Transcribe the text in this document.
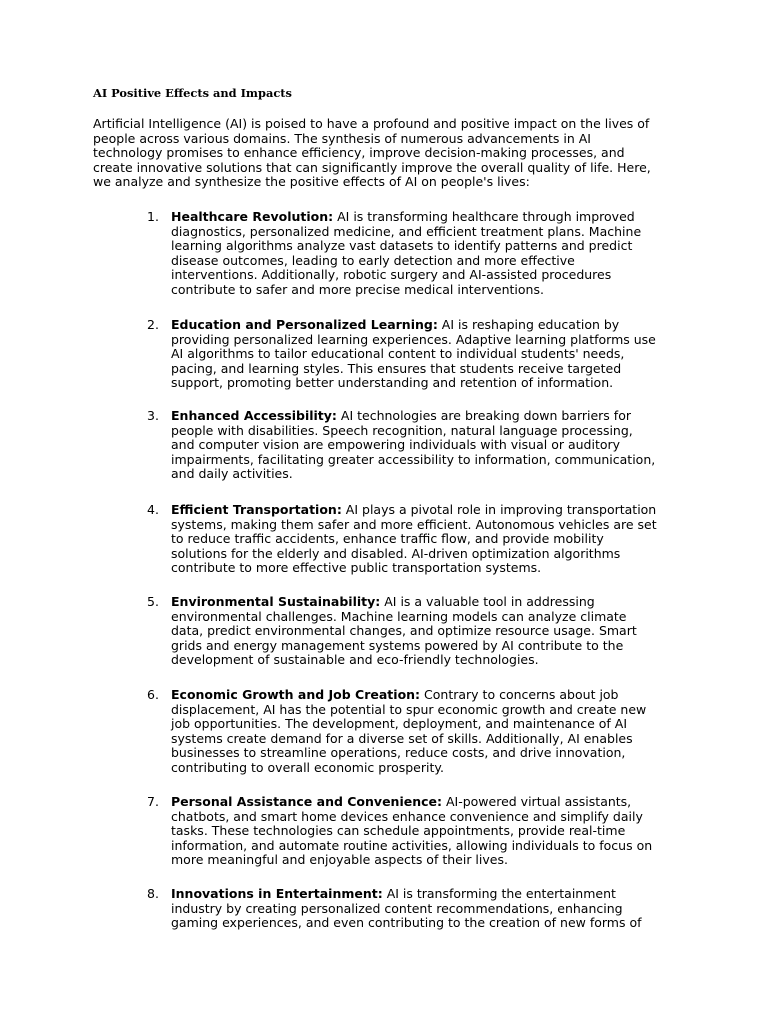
AI Positive Effects and Impacts

Artificial Intelligence (AI) is poised to have a profound and positive impact on the lives of
people across various domains. The synthesis of numerous advancements in AI
technology promises to enhance efficiency, improve decision-making processes, and
create innovative solutions that can significantly improve the overall quality of life. Here,
we analyze and synthesize the positive effects of AI on people's lives:

1. Healthcare Revolution: AI is transforming healthcare through improved
diagnostics, personalized medicine, and efficient treatment plans. Machine
learning algorithms analyze vast datasets to identify patterns and predict
disease outcomes, leading to early detection and more effective
interventions. Additionally, robotic surgery and AI-assisted procedures
contribute to safer and more precise medical interventions.
2. Education and Personalized Learning: AI is reshaping education by
providing personalized learning experiences. Adaptive learning platforms use
AI algorithms to tailor educational content to individual students' needs,
pacing, and learning styles. This ensures that students receive targeted
support, promoting better understanding and retention of information.
3. Enhanced Accessibility: AI technologies are breaking down barriers for
people with disabilities. Speech recognition, natural language processing,
and computer vision are empowering individuals with visual or auditory
impairments, facilitating greater accessibility to information, communication,
and daily activities.
4. Efficient Transportation: AI plays a pivotal role in improving transportation
systems, making them safer and more efficient. Autonomous vehicles are set
to reduce traffic accidents, enhance traffic flow, and provide mobility
solutions for the elderly and disabled. AI-driven optimization algorithms
contribute to more effective public transportation systems.
5. Environmental Sustainability: AI is a valuable tool in addressing
environmental challenges. Machine learning models can analyze climate
data, predict environmental changes, and optimize resource usage. Smart
grids and energy management systems powered by AI contribute to the
development of sustainable and eco-friendly technologies.
6. Economic Growth and Job Creation: Contrary to concerns about job
displacement, AI has the potential to spur economic growth and create new
job opportunities. The development, deployment, and maintenance of AI
systems create demand for a diverse set of skills. Additionally, AI enables
businesses to streamline operations, reduce costs, and drive innovation,
contributing to overall economic prosperity.
7. Personal Assistance and Convenience: AI-powered virtual assistants,
chatbots, and smart home devices enhance convenience and simplify daily
tasks. These technologies can schedule appointments, provide real-time
information, and automate routine activities, allowing individuals to focus on
more meaningful and enjoyable aspects of their lives.
8. Innovations in Entertainment: AI is transforming the entertainment
industry by creating personalized content recommendations, enhancing
gaming experiences, and even contributing to the creation of new forms of
